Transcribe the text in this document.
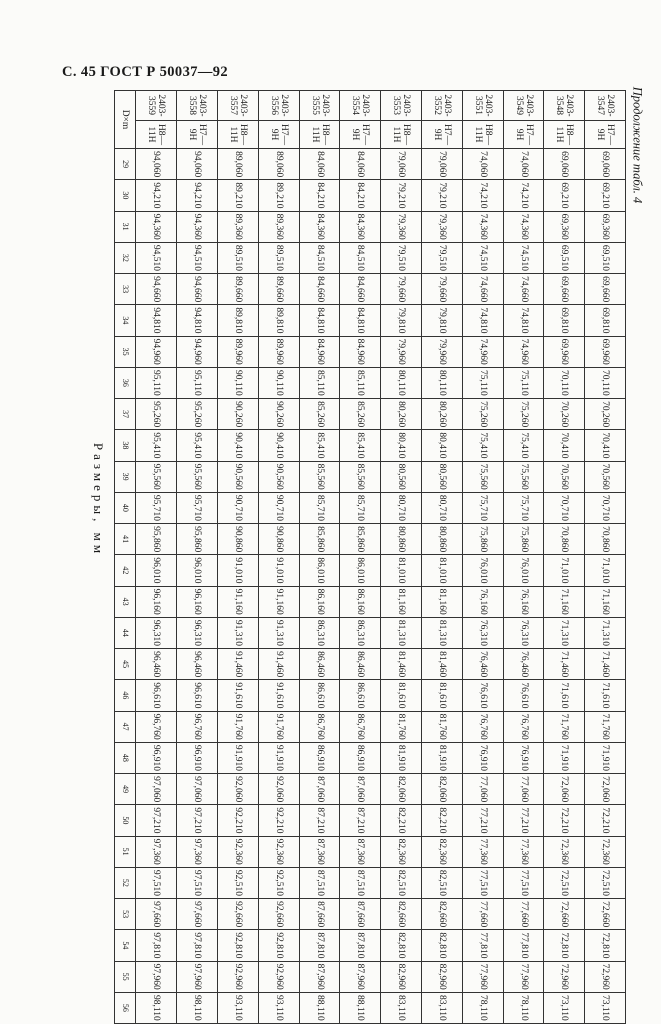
С. 45 ГОСТ Р 50037—92
Продолжение табл. 4
Размеры, мм
2403-3547	Н7—9Н	69,060	69,210	69,360	69,510	69,660	69,810	69,960	70,110	70,260	70,410	70,560	70,710	70,860	71,010	71,160	71,310	71,460	71,610	71,760	71,910	72,060	72,210	72,360	72,510	72,660	72,810	72,960	73,110
2403-3548	Н8—11Н	69,060	69,210	69,360	69,510	69,660	69,810	69,960	70,110	70,260	70,410	70,560	70,710	70,860	71,010	71,160	71,310	71,460	71,610	71,760	71,910	72,060	72,210	72,360	72,510	72,660	72,810	72,960	73,110
2403-3549	Н7—9Н	74,060	74,210	74,360	74,510	74,660	74,810	74,960	75,110	75,260	75,410	75,560	75,710	75,860	76,010	76,160	76,310	76,460	76,610	76,760	76,910	77,060	77,210	77,360	77,510	77,660	77,810	77,960	78,110
2403-3551	Н8—11Н	74,060	74,210	74,360	74,510	74,660	74,810	74,960	75,110	75,260	75,410	75,560	75,710	75,860	76,010	76,160	76,310	76,460	76,610	76,760	76,910	77,060	77,210	77,360	77,510	77,660	77,810	77,960	78,110
2403-3552	Н7—9Н	79,060	79,210	79,360	79,510	79,660	79,810	79,960	80,110	80,260	80,410	80,560	80,710	80,860	81,010	81,160	81,310	81,460	81,610	81,760	81,910	82,060	82,210	82,360	82,510	82,660	82,810	82,960	83,110
2403-3553	Н8—11Н	79,060	79,210	79,360	79,510	79,660	79,810	79,960	80,110	80,260	80,410	80,560	80,710	80,860	81,010	81,160	81,310	81,460	81,610	81,760	81,910	82,060	82,210	82,360	82,510	82,660	82,810	82,960	83,110
2403-3554	Н7—9Н	84,060	84,210	84,360	84,510	84,660	84,810	84,960	85,110	85,260	85,410	85,560	85,710	85,860	86,010	86,160	86,310	86,460	86,610	86,760	86,910	87,060	87,210	87,360	87,510	87,660	87,810	87,960	88,110
2403-3555	Н8—11Н	84,060	84,210	84,360	84,510	84,660	84,810	84,960	85,110	85,260	85,410	85,560	85,710	85,860	86,010	86,160	86,310	86,460	86,610	86,760	86,910	87,060	87,210	87,360	87,510	87,660	87,810	87,960	88,110
2403-3556	Н7—9Н	89,060	89,210	89,360	89,510	89,660	89,810	89,960	90,110	90,260	90,410	90,560	90,710	90,860	91,010	91,160	91,310	91,460	91,610	91,760	91,910	92,060	92,210	92,360	92,510	92,660	92,810	92,960	93,110
2403-3557	Н8—11Н	89,060	89,210	89,360	89,510	89,660	89,810	89,960	90,110	90,260	90,410	90,560	90,710	90,860	91,010	91,160	91,310	91,460	91,610	91,760	91,910	92,060	92,210	92,360	92,510	92,660	92,810	92,960	93,110
2403-3558	Н7—9Н	94,060	94,210	94,360	94,510	94,660	94,810	94,960	95,110	95,260	95,410	95,560	95,710	95,860	96,010	96,160	96,310	96,460	96,610	96,760	96,910	97,060	97,210	97,360	97,510	97,660	97,810	97,960	98,110
2403-3559	Н8—11Н	94,060	94,210	94,360	94,510	94,660	94,810	94,960	95,110	95,260	95,410	95,560	95,710	95,860	96,010	96,160	96,310	96,460	96,610	96,760	96,910	97,060	97,210	97,360	97,510	97,660	97,810	97,960	98,110
D×m		29	30	31	32	33	34	35	36	37	38	39	40	41	42	43	44	45	46	47	48	49	50	51	52	53	54	55	56
